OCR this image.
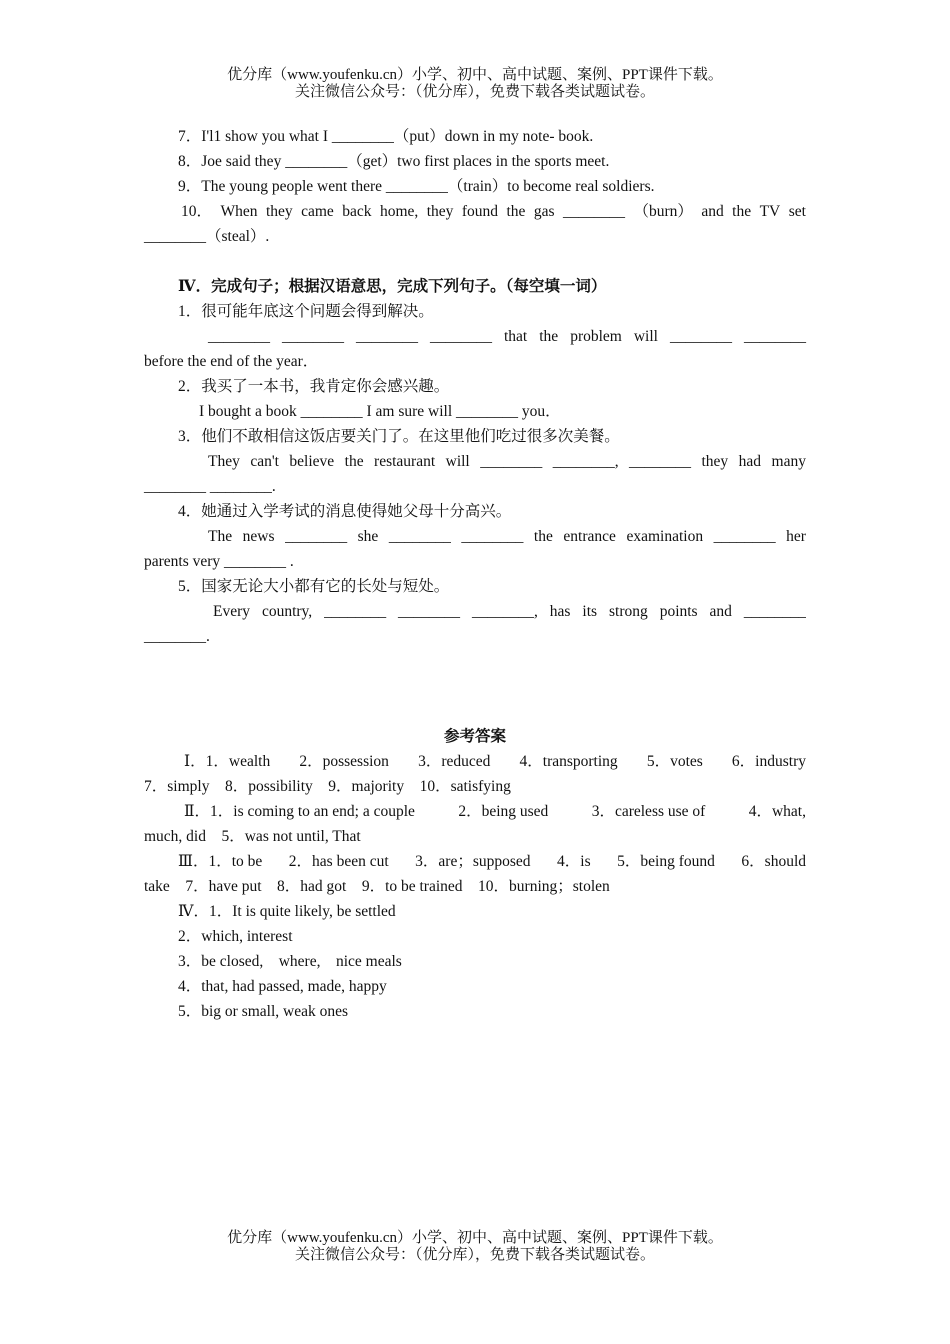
优分库（www.youfenku.cn）小学、初中、高中试题、案例、PPT课件下载。
关注微信公众号：（优分库），免费下载各类试题试卷。
7．I'l1 show you what I ________（put）down in my note- book.
8．Joe said they ________（get）two first places in the sports meet.
9．The young people went there ________（train）to become real soldiers.
10． When they came back home, they found the gas ________ （burn） and the TV set
________（steal）.
Ⅳ．完成句子；根据汉语意思，完成下列句子。（每空填一词）
1．很可能年底这个问题会得到解决。
________ ________ ________ ________ that the problem will ________ ________
before the end of the year．
2．我买了一本书，我肯定你会感兴趣。
I bought a book ________ I am sure will ________ you．
3．他们不敢相信这饭店要关门了。在这里他们吃过很多次美餐。
They can't believe the restaurant will ________ ________, ________ they had many
________ ________.
4．她通过入学考试的消息使得她父母十分高兴。
The news ________ she ________ ________ the entrance examination ________ her
parents very ________ .
5．国家无论大小都有它的长处与短处。
Every country, ________ ________ ________, has its strong points and ________
________.
参考答案
Ⅰ．1．wealth 2．possession 3．reduced 4．transporting 5．votes 6．industry
7．simply　8．possibility　9．majority　10．satisfying
Ⅱ．1．is coming to an end; a couple	2．being used	3．careless use of	4．what,
much, did　5．was not until, That
Ⅲ．1．to be 2．has been cut 3．are；supposed 4．is 5．being found 6．should
take　7．have put　8．had got　9．to be trained　10．burning；stolen
Ⅳ．1．It is quite likely, be settled
2．which, interest
3．be closed,　where,　nice meals
4．that, had passed, made, happy
5．big or small, weak ones
优分库（www.youfenku.cn）小学、初中、高中试题、案例、PPT课件下载。
关注微信公众号：（优分库），免费下载各类试题试卷。
